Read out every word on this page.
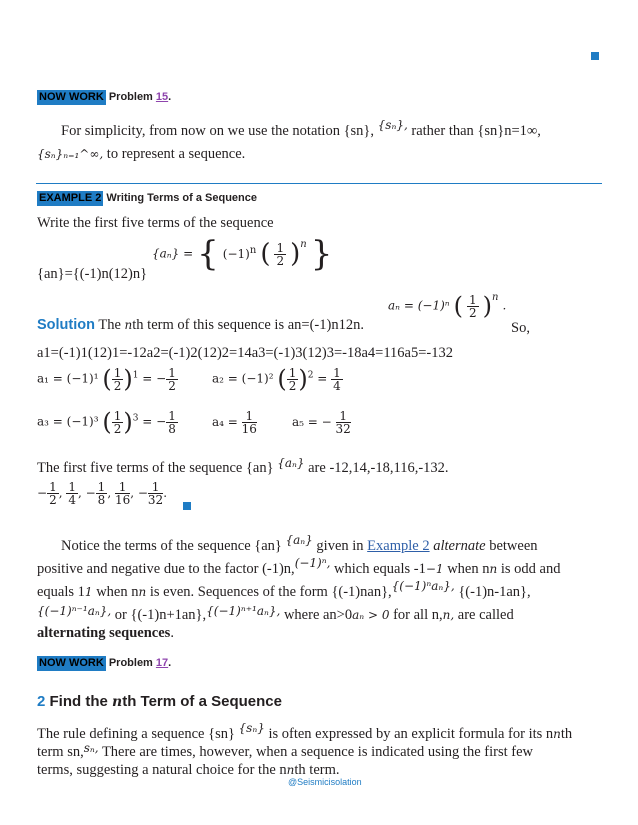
NOW WORK Problem 15.
For simplicity, from now on we use the notation {sn}, $^{\{s_n\},}$ rather than {sn}n=1∞,
{sₙ}ₙ₌₁^∞, to represent a sequence.
EXAMPLE 2 Writing Terms of a Sequence
Write the first five terms of the sequence
{aₙ} = { $(-1)^n$ ( $\frac{1}{2} )^n$ }
{an}={(-1)n(12)n}
aₙ = (−1)ⁿ ( $\frac{1}{2} )^n$ .
Solution The nth term of this sequence is an=(-1)n12n.	So,
a1=(-1)1(12)1=-12a2=(-1)2(12)2=14a3=(-1)3(12)3=-18a4=116a5=-132
a₁ = (−1)¹ ( $\frac{1}{2} )^1$ = − $\frac{1}{2}$	a₂ = (−1)² ( $\frac{1}{2} )^2 = \frac{1}{4}$
a₃ = (−1)³ ( $\frac{1}{2} )^3$ = − $\frac{1}{8}$	$a_4 = \frac{1}{16}$	a₅ = − $\frac{1}{32}$
The first five terms of the sequence {an} $^{\{a_n\}}$ are -12,14,-18,116,-132.
− $\frac{1}{2}$ , $\frac{1}{4}$ , − $\frac{1}{8}$ , $\frac{1}{16}$ , − $\frac{1}{32}$ .
Notice the terms of the sequence {an} $^{\{a_n\}}$ given in Example 2 alternate between
positive and negative due to the factor (-1)n,$^{(-1)^n,}$ which equals -1−1 when nn is odd and
equals 11 when nn is even. Sequences of the form {(-1)nan},$^{\{(-1)^na_n\},}$ {(-1)n-1an},
$^{\{(-1)^{n-1}a_n\},}$ or {(-1)n+1an},$^{\{(-1)^{n+1}a_n\},}$ where an>0aₙ > 0 for all n,n, are called
alternating sequences.
NOW WORK Problem 17.
2 Find the nth Term of a Sequence
The rule defining a sequence {sn} $^{\{s_n\}}$ is often expressed by an explicit formula for its nnth
term sn,$^{s_n,}$ There are times, however, when a sequence is indicated using the first few
terms, suggesting a natural choice for the nnth term.
@Seismicisolation
